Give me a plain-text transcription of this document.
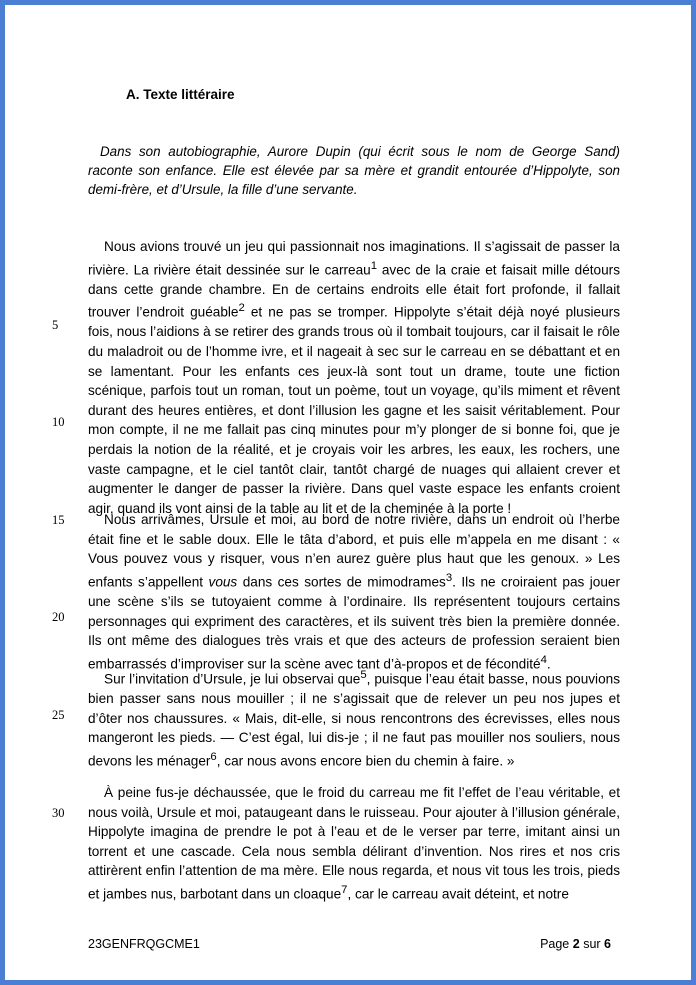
A. Texte littéraire
Dans son autobiographie, Aurore Dupin (qui écrit sous le nom de George Sand) raconte son enfance. Elle est élevée par sa mère et grandit entourée d’Hippolyte, son demi-frère, et d’Ursule, la fille d’une servante.
Nous avions trouvé un jeu qui passionnait nos imaginations. Il s’agissait de passer la rivière. La rivière était dessinée sur le carreau$^1$ avec de la craie et faisait mille détours dans cette grande chambre. En de certains endroits elle était fort profonde, il fallait trouver l’endroit guéable$^2$ et ne pas se tromper. Hippolyte s’était déjà noyé plusieurs fois, nous l’aidions à se retirer des grands trous où il tombait toujours, car il faisait le rôle du maladroit ou de l’homme ivre, et il nageait à sec sur le carreau en se débattant et en se lamentant. Pour les enfants ces jeux-là sont tout un drame, toute une fiction scénique, parfois tout un roman, tout un poème, tout un voyage, qu’ils miment et rêvent durant des heures entières, et dont l’illusion les gagne et les saisit véritablement. Pour mon compte, il ne me fallait pas cinq minutes pour m’y plonger de si bonne foi, que je perdais la notion de la réalité, et je croyais voir les arbres, les eaux, les rochers, une vaste campagne, et le ciel tantôt clair, tantôt chargé de nuages qui allaient crever et augmenter le danger de passer la rivière. Dans quel vaste espace les enfants croient agir, quand ils vont ainsi de la table au lit et de la cheminée à la porte !
Nous arrivâmes, Ursule et moi, au bord de notre rivière, dans un endroit où l’herbe était fine et le sable doux. Elle le tâta d’abord, et puis elle m’appela en me disant : « Vous pouvez vous y risquer, vous n’en aurez guère plus haut que les genoux. » Les enfants s’appellent vous dans ces sortes de mimodrames$^3$. Ils ne croiraient pas jouer une scène s’ils se tutoyaient comme à l’ordinaire. Ils représentent toujours certains personnages qui expriment des caractères, et ils suivent très bien la première donnée. Ils ont même des dialogues très vrais et que des acteurs de profession seraient bien embarrassés d’improviser sur la scène avec tant d’à-propos et de fécondité$^4$.
Sur l’invitation d’Ursule, je lui observai que$^5$, puisque l’eau était basse, nous pouvions bien passer sans nous mouiller ; il ne s’agissait que de relever un peu nos jupes et d’ôter nos chaussures. « Mais, dit-elle, si nous rencontrons des écrevisses, elles nous mangeront les pieds. — C’est égal, lui dis-je ; il ne faut pas mouiller nos souliers, nous devons les ménager$^6$, car nous avons encore bien du chemin à faire. »
À peine fus-je déchaussée, que le froid du carreau me fit l’effet de l’eau véritable, et nous voilà, Ursule et moi, pataugeant dans le ruisseau. Pour ajouter à l’illusion générale, Hippolyte imagina de prendre le pot à l’eau et de le verser par terre, imitant ainsi un torrent et une cascade. Cela nous sembla délirant d’invention. Nos rires et nos cris attirèrent enfin l’attention de ma mère. Elle nous regarda, et nous vit tous les trois, pieds et jambes nus, barbotant dans un cloaque$^7$, car le carreau avait déteint, et notre
5
10
15
20
25
30
23GENFRQGCME1	Page 2 sur 6
